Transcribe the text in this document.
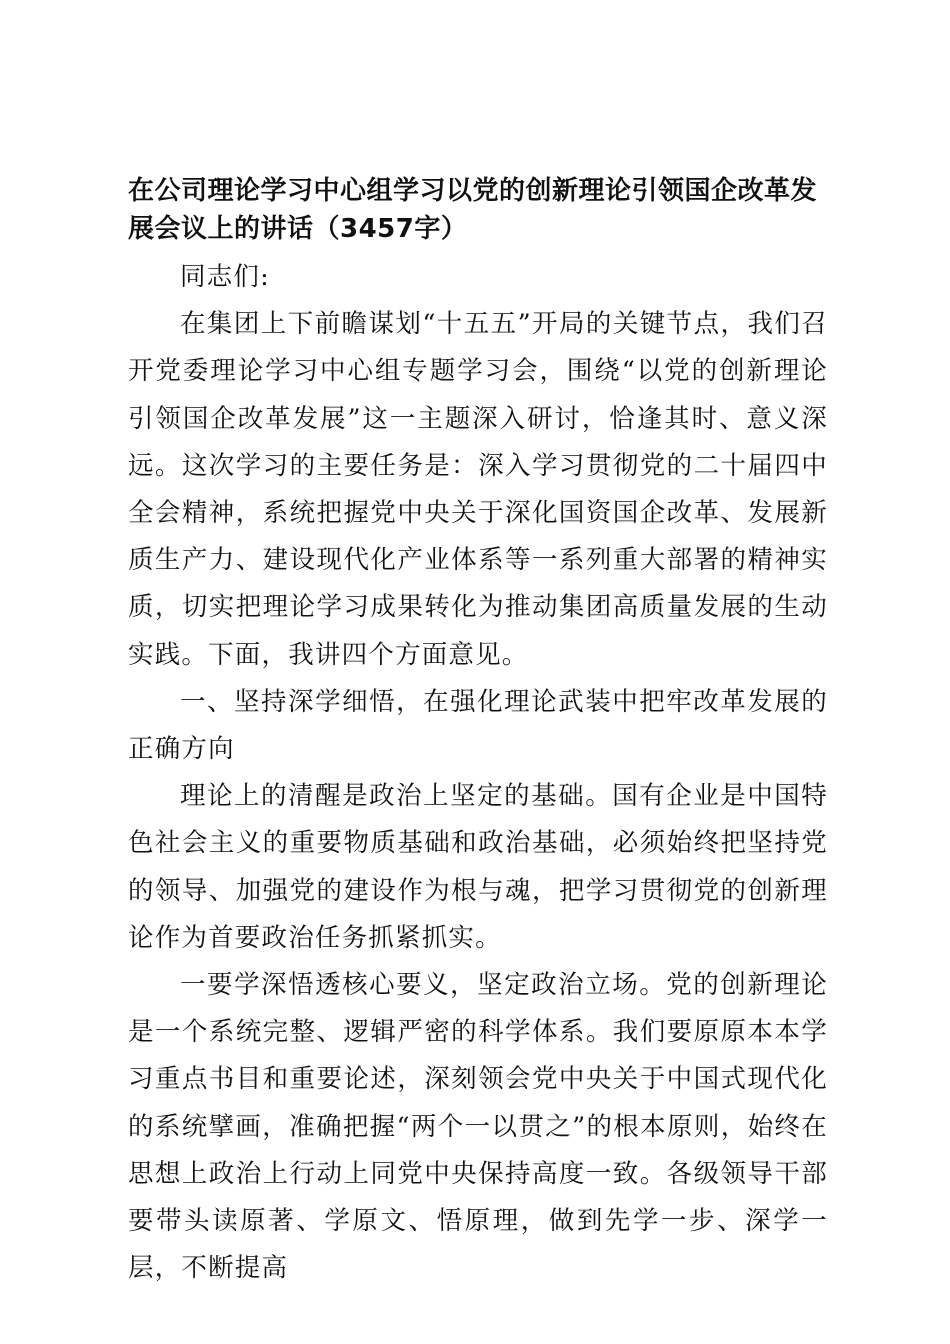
在公司理论学习中心组学习以党的创新理论引领国企改革发展会议上的讲话（3457字）

同志们:

在集团上下前瞻谋划“十五五”开局的关键节点，我们召开党委理论学习中心组专题学习会，围绕“以党的创新理论引领国企改革发展”这一主题深入研讨，恰逢其时、意义深远。这次学习的主要任务是：深入学习贯彻党的二十届四中全会精神，系统把握党中央关于深化国资国企改革、发展新质生产力、建设现代化产业体系等一系列重大部署的精神实质，切实把理论学习成果转化为推动集团高质量发展的生动实践。下面，我讲四个方面意见。

一、坚持深学细悟，在强化理论武装中把牢改革发展的正确方向

理论上的清醒是政治上坚定的基础。国有企业是中国特色社会主义的重要物质基础和政治基础，必须始终把坚持党的领导、加强党的建设作为根与魂，把学习贯彻党的创新理论作为首要政治任务抓紧抓实。

一要学深悟透核心要义，坚定政治立场。党的创新理论是一个系统完整、逻辑严密的科学体系。我们要原原本本学习重点书目和重要论述，深刻领会党中央关于中国式现代化的系统擘画，准确把握“两个一以贯之”的根本原则，始终在思想上政治上行动上同党中央保持高度一致。各级领导干部要带头读原著、学原文、悟原理，做到先学一步、深学一层，不断提高
